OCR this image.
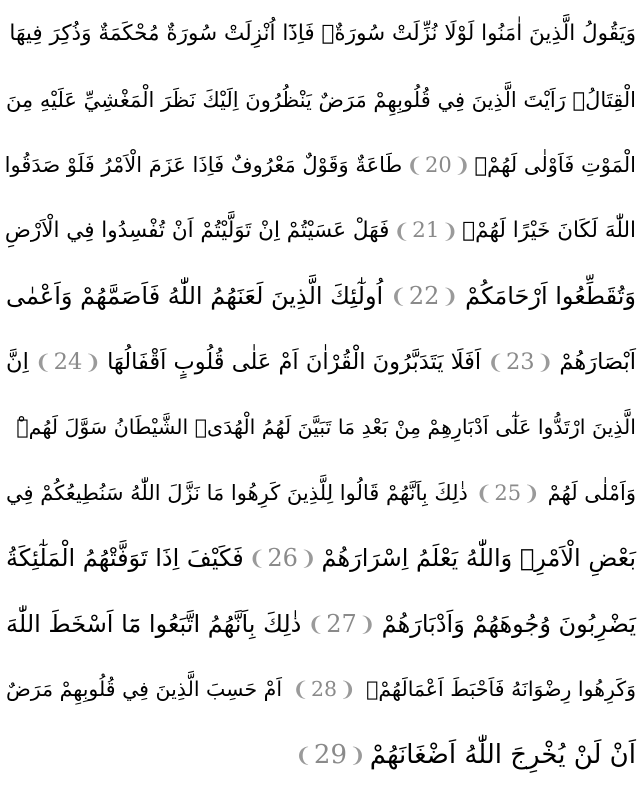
وَيَقُولُ الَّذِينَ اٰمَنُوا لَوْلَا نُزِّلَتْ سُورَةٌۚ فَاِذَٓا اُنْزِلَتْ سُورَةٌ مُحْكَمَةٌ وَذُكِرَ فِيهَا
الْقِتَالُۙ رَاَيْتَ الَّذِينَ فِي قُلُوبِهِمْ مَرَضٌ يَنْظُرُونَ اِلَيْكَ نَظَرَ الْمَغْشِيِّ عَلَيْهِ مِنَ
الْمَوْتِ فَاَوْلٰى لَهُمْۚ
❨ 20 ❩
طَاعَةٌ وَقَوْلٌ مَعْرُوفٌ فَاِذَا عَزَمَ الْاَمْرُ فَلَوْ صَدَقُوا
اللّٰهَ لَكَانَ خَيْرًا لَهُمْۚ
❨ 21 ❩
فَهَلْ عَسَيْتُمْ اِنْ تَوَلَّيْتُمْ اَنْ تُفْسِدُوا فِي الْاَرْضِ
وَتُقَطِّعُوا اَرْحَامَكُمْ
❨ 22 ❩
اُولٰٓئِكَ الَّذِينَ لَعَنَهُمُ اللّٰهُ فَاَصَمَّهُمْ وَاَعْمٰى
اَبْصَارَهُمْ
❨ 23 ❩
اَفَلَا يَتَدَبَّرُونَ الْقُرْاٰنَ اَمْ عَلٰى قُلُوبٍ اَقْفَالُهَا
❨ 24 ❩
اِنَّ
الَّذِينَ ارْتَدُّوا عَلٰٓى اَدْبَارِهِمْ مِنْ بَعْدِ مَا تَبَيَّنَ لَهُمُ الْهُدَىۙ الشَّيْطَانُ سَوَّلَ لَهُمْۜ
وَاَمْلٰى لَهُمْ
❨ 25 ❩
ذٰلِكَ بِاَنَّهُمْ قَالُوا لِلَّذِينَ كَرِهُوا مَا نَزَّلَ اللّٰهُ سَنُطِيعُكُمْ فِي
بَعْضِ الْاَمْرِۚ وَاللّٰهُ يَعْلَمُ اِسْرَارَهُمْ
❨ 26 ❩
فَكَيْفَ اِذَا تَوَفَّتْهُمُ الْمَلٰٓئِكَةُ
يَضْرِبُونَ وُجُوهَهُمْ وَاَدْبَارَهُمْ
❨ 27 ❩
ذٰلِكَ بِاَنَّهُمُ اتَّبَعُوا مَٓا اَسْخَطَ اللّٰهَ
وَكَرِهُوا رِضْوَانَهُ فَاَحْبَطَ اَعْمَالَهُمْ۟
❨ 28 ❩
اَمْ حَسِبَ الَّذِينَ فِي قُلُوبِهِمْ مَرَضٌ
اَنْ لَنْ يُخْرِجَ اللّٰهُ اَضْغَانَهُمْ
❨ 29 ❩
